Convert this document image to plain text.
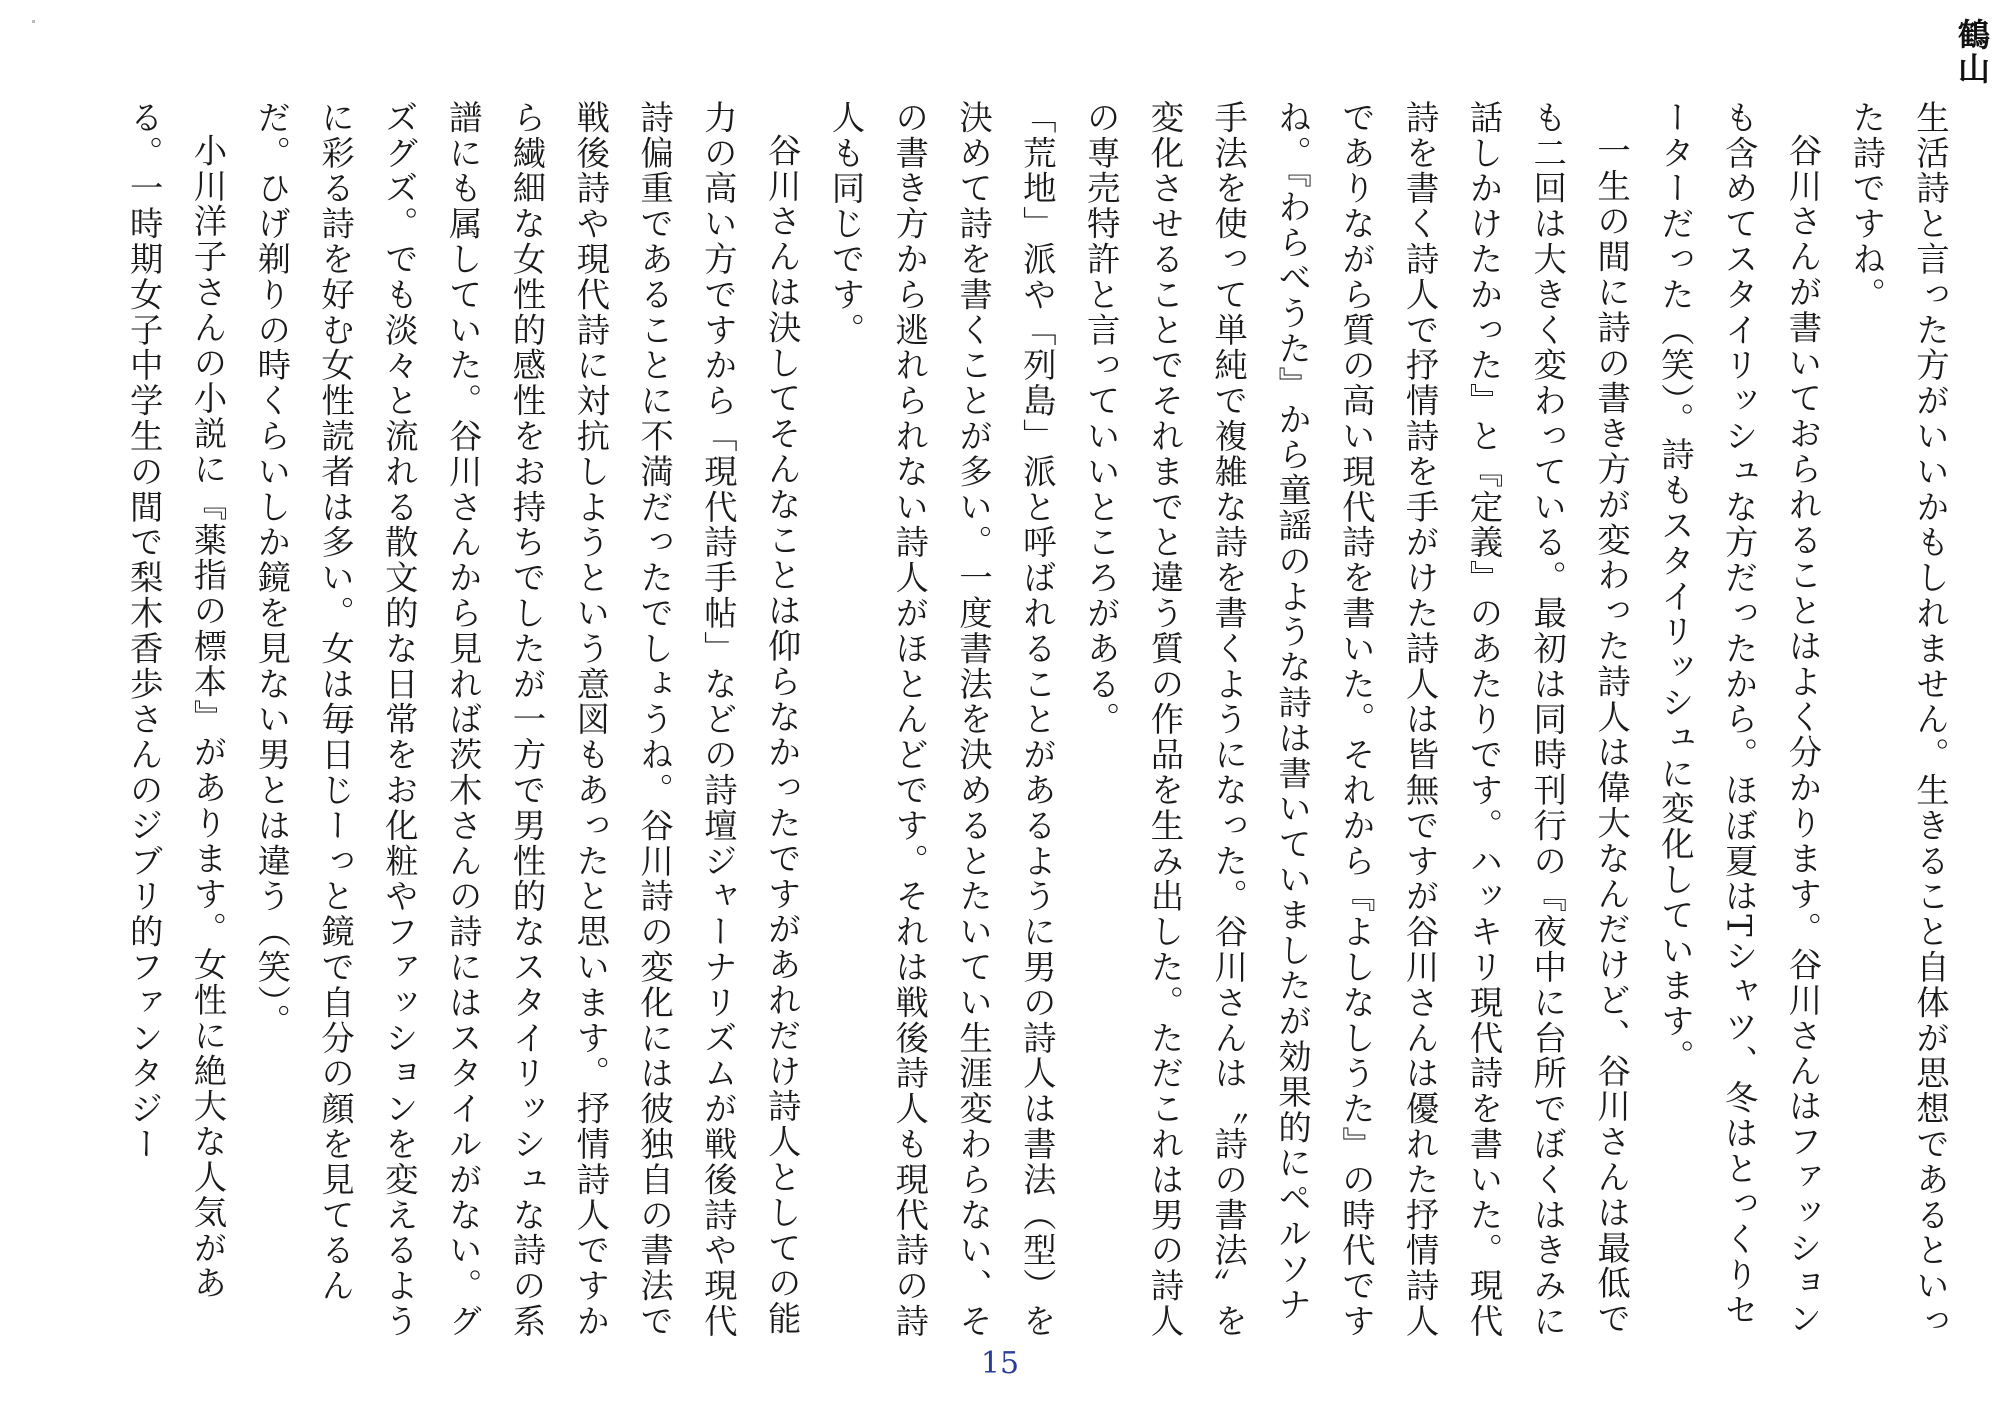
鶴山

生活詩と言った方がいいかもしれません。生きること自体が思想であるといった詩ですね。

谷川さんが書いておられることはよく分かります。谷川さんはファッションも含めてスタイリッシュな方だったから。ほぼ夏はTシャツ、冬はとっくりセーターだった（笑）。詩もスタイリッシュに変化しています。

一生の間に詩の書き方が変わった詩人は偉大なんだけど、谷川さんは最低でも二回は大きく変わっている。最初は同時刊行の『夜中に台所でぼくはきみに話しかけたかった』と『定義』のあたりです。ハッキリ現代詩を書いた。現代詩を書く詩人で抒情詩を手がけた詩人は皆無ですが谷川さんは優れた抒情詩人でありながら質の高い現代詩を書いた。それから『よしなしうた』の時代ですね。『わらべうた』から童謡のような詩は書いていましたが効果的にペルソナ手法を使って単純で複雑な詩を書くようになった。谷川さんは〝詩の書法〟を変化させることでそれまでと違う質の作品を生み出した。ただこれは男の詩人の専売特許と言っていいところがある。

「荒地」派や「列島」派と呼ばれることがあるように男の詩人は書法（型）を決めて詩を書くことが多い。一度書法を決めるとたいてい生涯変わらない、その書き方から逃れられない詩人がほとんどです。それは戦後詩人も現代詩の詩人も同じです。

谷川さんは決してそんなことは仰らなかったですがあれだけ詩人としての能力の高い方ですから「現代詩手帖」などの詩壇ジャーナリズムが戦後詩や現代詩偏重であることに不満だったでしょうね。谷川詩の変化には彼独自の書法で戦後詩や現代詩に対抗しようという意図もあったと思います。抒情詩人ですから繊細な女性的感性をお持ちでしたが一方で男性的なスタイリッシュな詩の系譜にも属していた。谷川さんから見れば茨木さんの詩にはスタイルがない。グズグズ。でも淡々と流れる散文的な日常をお化粧やファッションを変えるように彩る詩を好む女性読者は多い。女は毎日じーっと鏡で自分の顔を見てるんだ。ひげ剃りの時くらいしか鏡を見ない男とは違う（笑）。

小川洋子さんの小説に『薬指の標本』があります。女性に絶大な人気がある。一時期女子中学生の間で梨木香歩さんのジブリ的ファンタジー

15
